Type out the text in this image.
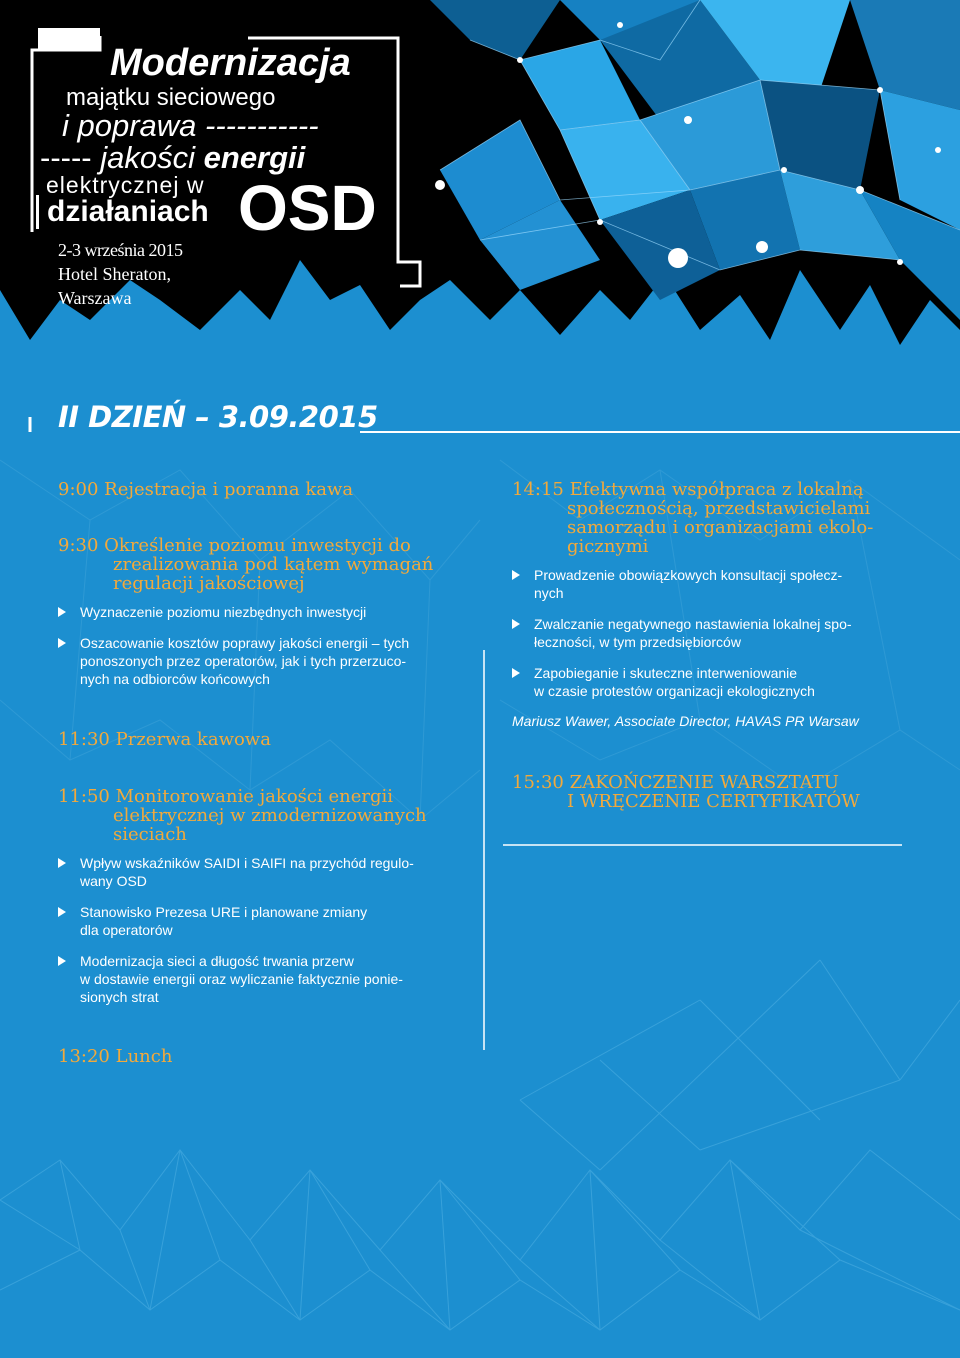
Modernizacja
majątku sieciowego
i poprawa -----------
----- jakości energii
elektrycznej w
działaniach OSD
2-3 września 2015
Hotel Sheraton,
Warszawa
II DZIEŃ – 3.09.2015
9:00 Rejestracja i poranna kawa
9:30 Określenie poziomu inwestycji do
zrealizowania pod kątem wymagań
regulacji jakościowej
Wyznaczenie poziomu niezbędnych inwestycji
Oszacowanie kosztów poprawy jakości energii – tych
ponoszonych przez operatorów, jak i tych przerzuco-
nych na odbiorców końcowych
11:30 Przerwa kawowa
11:50 Monitorowanie jakości energii
elektrycznej w zmodernizowanych
sieciach
Wpływ wskaźników SAIDI i SAIFI na przychód regulo-
wany OSD
Stanowisko Prezesa URE i planowane zmiany
dla operatorów
Modernizacja sieci a długość trwania przerw
w dostawie energii oraz wyliczanie faktycznie ponie-
sionych strat
13:20 Lunch
14:15 Efektywna współpraca z lokalną
społecznością, przedstawicielami
samorządu i organizacjami ekolo-
gicznymi
Prowadzenie obowiązkowych konsultacji społecz-
nych
Zwalczanie negatywnego nastawienia lokalnej spo-
łeczności, w tym przedsiębiorców
Zapobieganie i skuteczne interweniowanie
w czasie protestów organizacji ekologicznych
Mariusz Wawer, Associate Director, HAVAS PR Warsaw
15:30 ZAKOŃCZENIE WARSZTATU
I WRĘCZENIE CERTYFIKATÓW
